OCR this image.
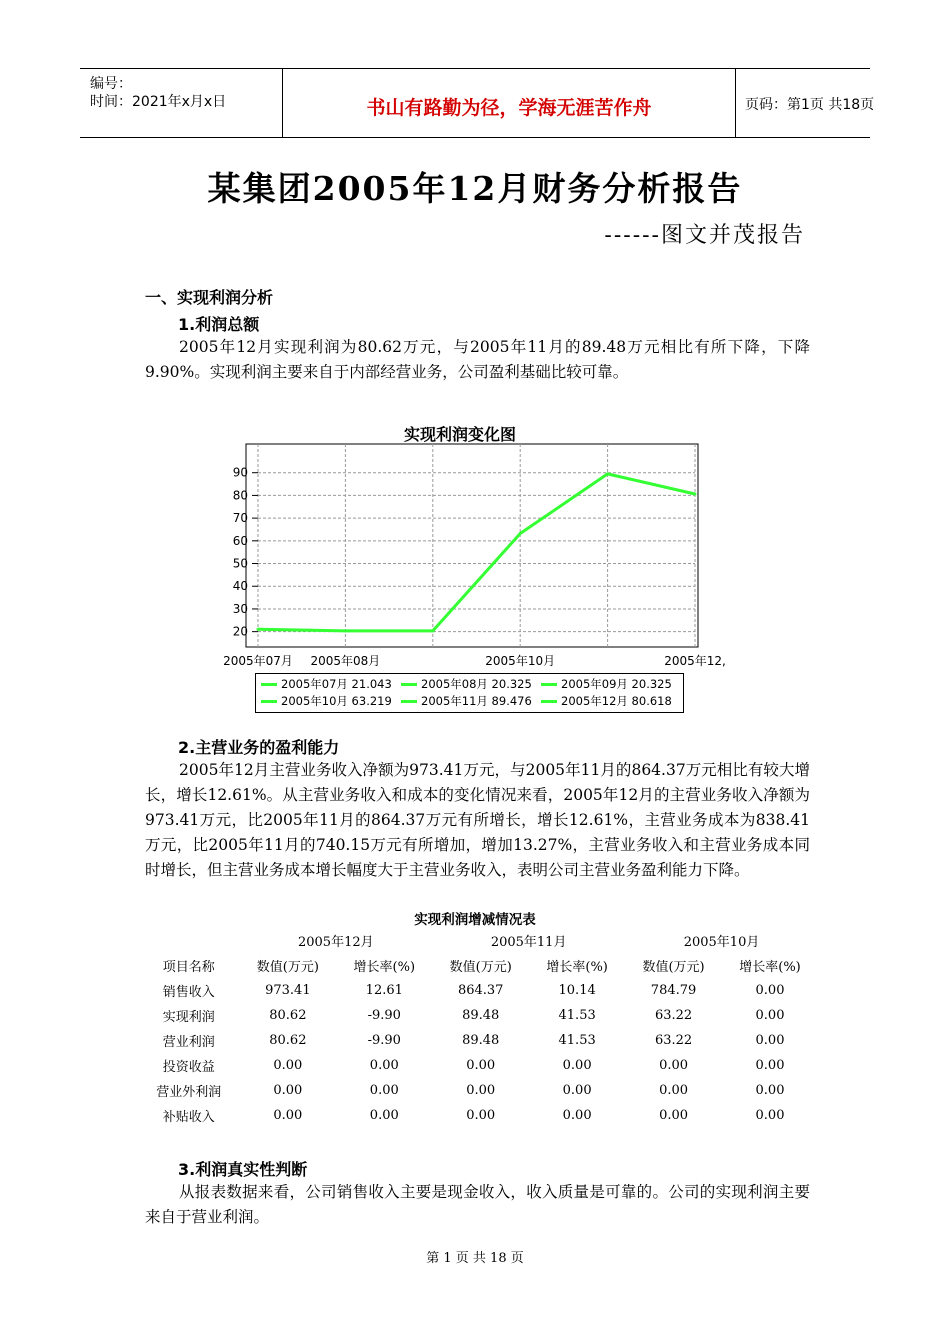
编号：
时间：2021年x月x日	书山有路勤为径，学海无涯苦作舟	页码：第1页 共18页
某集团2005年12月财务分析报告
------图文并茂报告
一、实现利润分析
1.利润总额
2005年12月实现利润为80.62万元，与2005年11月的89.48万元相比有所下降，下降9.90%。实现利润主要来自于内部经营业务，公司盈利基础比较可靠。
实现利润变化图
20
30
40
50
60
70
80
90
2005年07月 2005年08月	2005年10月	2005年12,
2005年07月 21.043	2005年08月 20.325	2005年09月 20.325
2005年10月 63.219	2005年11月 89.476	2005年12月 80.618
2.主营业务的盈利能力
2005年12月主营业务收入净额为973.41万元，与2005年11月的864.37万元相比有较大增长，增长12.61%。从主营业务收入和成本的变化情况来看，2005年12月的主营业务收入净额为973.41万元，比2005年11月的864.37万元有所增长，增长12.61%，主营业务成本为838.41万元，比2005年11月的740.15万元有所增加，增加13.27%，主营业务收入和主营业务成本同时增长，但主营业务成本增长幅度大于主营业务收入，表明公司主营业务盈利能力下降。
实现利润增减情况表
	2005年12月		2005年11月		2005年10月	
项目名称	数值(万元)	增长率(%)	数值(万元)	增长率(%)	数值(万元)	增长率(%)
销售收入	973.41	12.61	864.37	10.14	784.79	0.00
实现利润	80.62	-9.90	89.48	41.53	63.22	0.00
营业利润	80.62	-9.90	89.48	41.53	63.22	0.00
投资收益	0.00	0.00	0.00	0.00	0.00	0.00
营业外利润	0.00	0.00	0.00	0.00	0.00	0.00
补贴收入	0.00	0.00	0.00	0.00	0.00	0.00
3.利润真实性判断
从报表数据来看，公司销售收入主要是现金收入，收入质量是可靠的。公司的实现利润主要来自于营业利润。
第 1 页 共 18 页
